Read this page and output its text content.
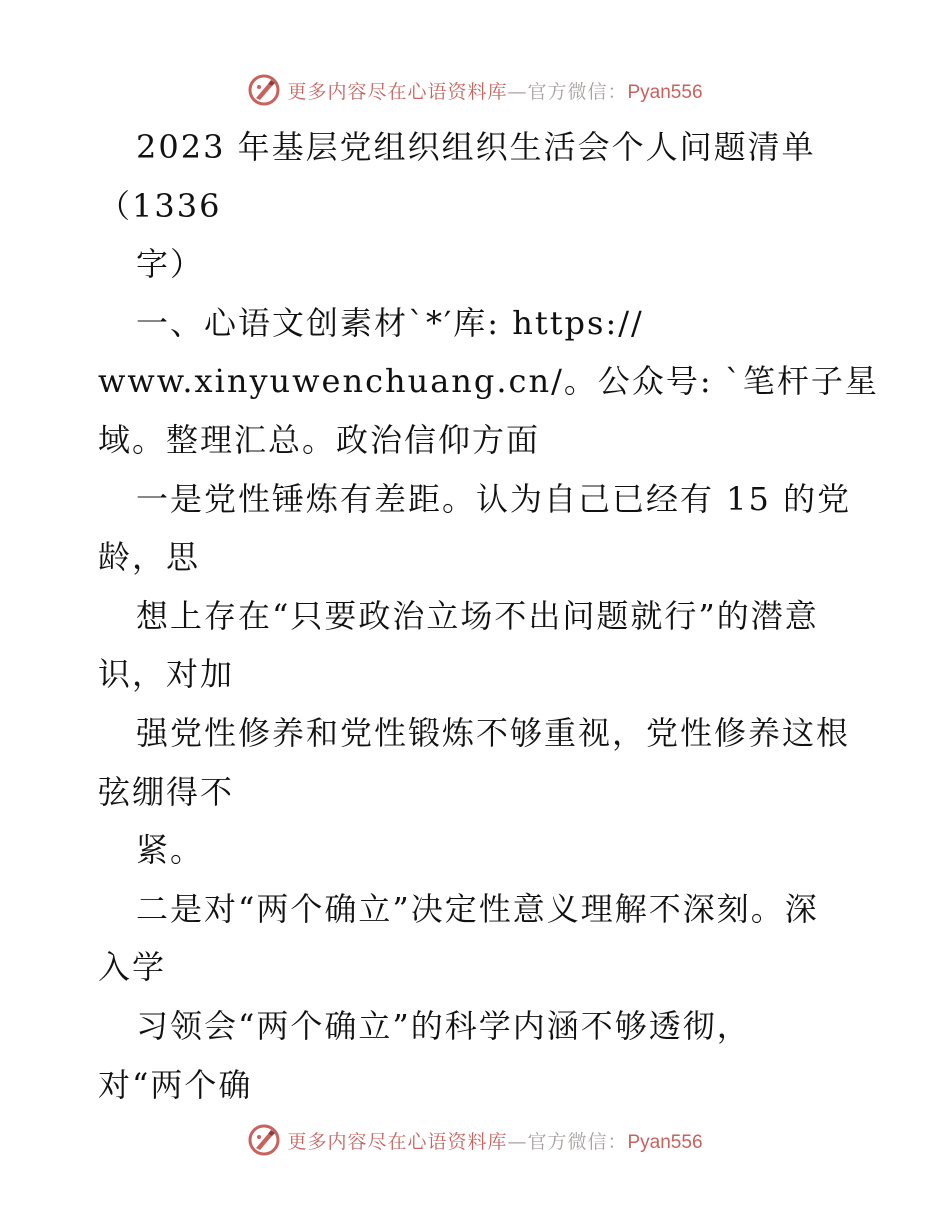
更多内容尽在心语资料库—官方微信：Pyan556
2023 年基层党组织组织生活会个人问题清单
（1336
字）
一、心语文创素材`*′库: https://
www.xinyuwenchuang.cn/。公众号: `笔杆子星
域。整理汇总。政治信仰方面
一是党性锤炼有差距。认为自己已经有 15 的党
龄，思
想上存在“只要政治立场不出问题就行”的潜意
识，对加
强党性修养和党性锻炼不够重视，党性修养这根
弦绷得不
紧。
二是对“两个确立”决定性意义理解不深刻。深
入学
习领会“两个确立”的科学内涵不够透彻，
对“两个确
更多内容尽在心语资料库—官方微信：Pyan556
